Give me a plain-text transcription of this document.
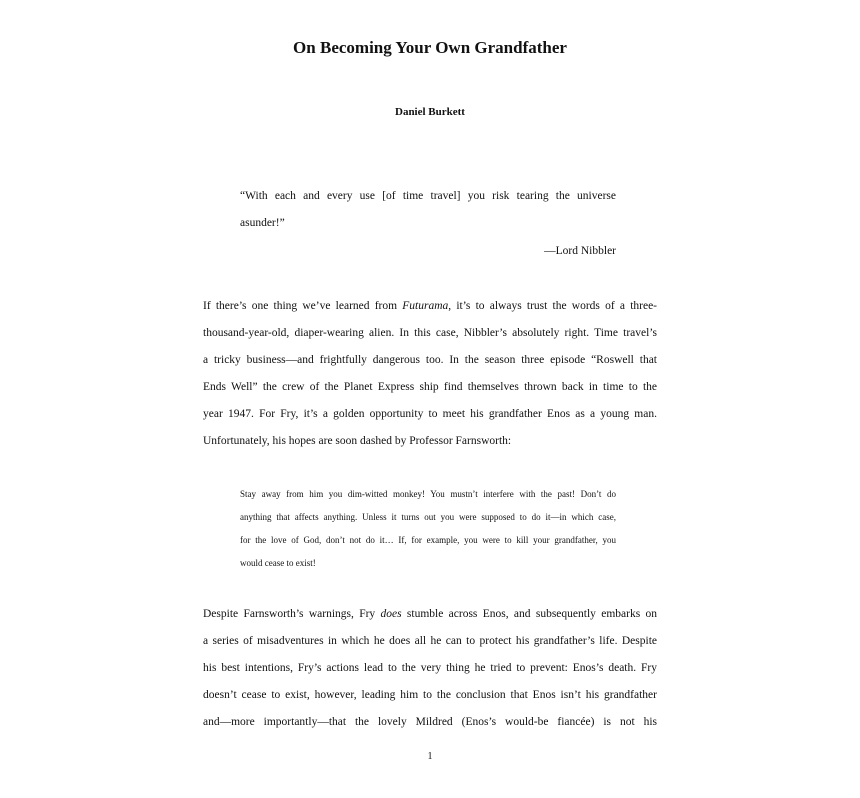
On Becoming Your Own Grandfather
Daniel Burkett
“With each and every use [of time travel] you risk tearing the universe
asunder!”
—Lord Nibbler
If there’s one thing we’ve learned from Futurama, it’s to always trust the words of a three-
thousand-year-old, diaper-wearing alien. In this case, Nibbler’s absolutely right. Time travel’s
a tricky business—and frightfully dangerous too. In the season three episode “Roswell that
Ends Well” the crew of the Planet Express ship find themselves thrown back in time to the
year 1947. For Fry, it’s a golden opportunity to meet his grandfather Enos as a young man.
Unfortunately, his hopes are soon dashed by Professor Farnsworth:
Stay away from him you dim-witted monkey! You mustn’t interfere with the past! Don’t do
anything that affects anything. Unless it turns out you were supposed to do it—in which case,
for the love of God, don’t not do it… If, for example, you were to kill your grandfather, you
would cease to exist!
Despite Farnsworth’s warnings, Fry does stumble across Enos, and subsequently embarks on
a series of misadventures in which he does all he can to protect his grandfather’s life. Despite
his best intentions, Fry’s actions lead to the very thing he tried to prevent: Enos’s death. Fry
doesn’t cease to exist, however, leading him to the conclusion that Enos isn’t his grandfather
and—more importantly—that the lovely Mildred (Enos’s would-be fiancée) is not his
1
